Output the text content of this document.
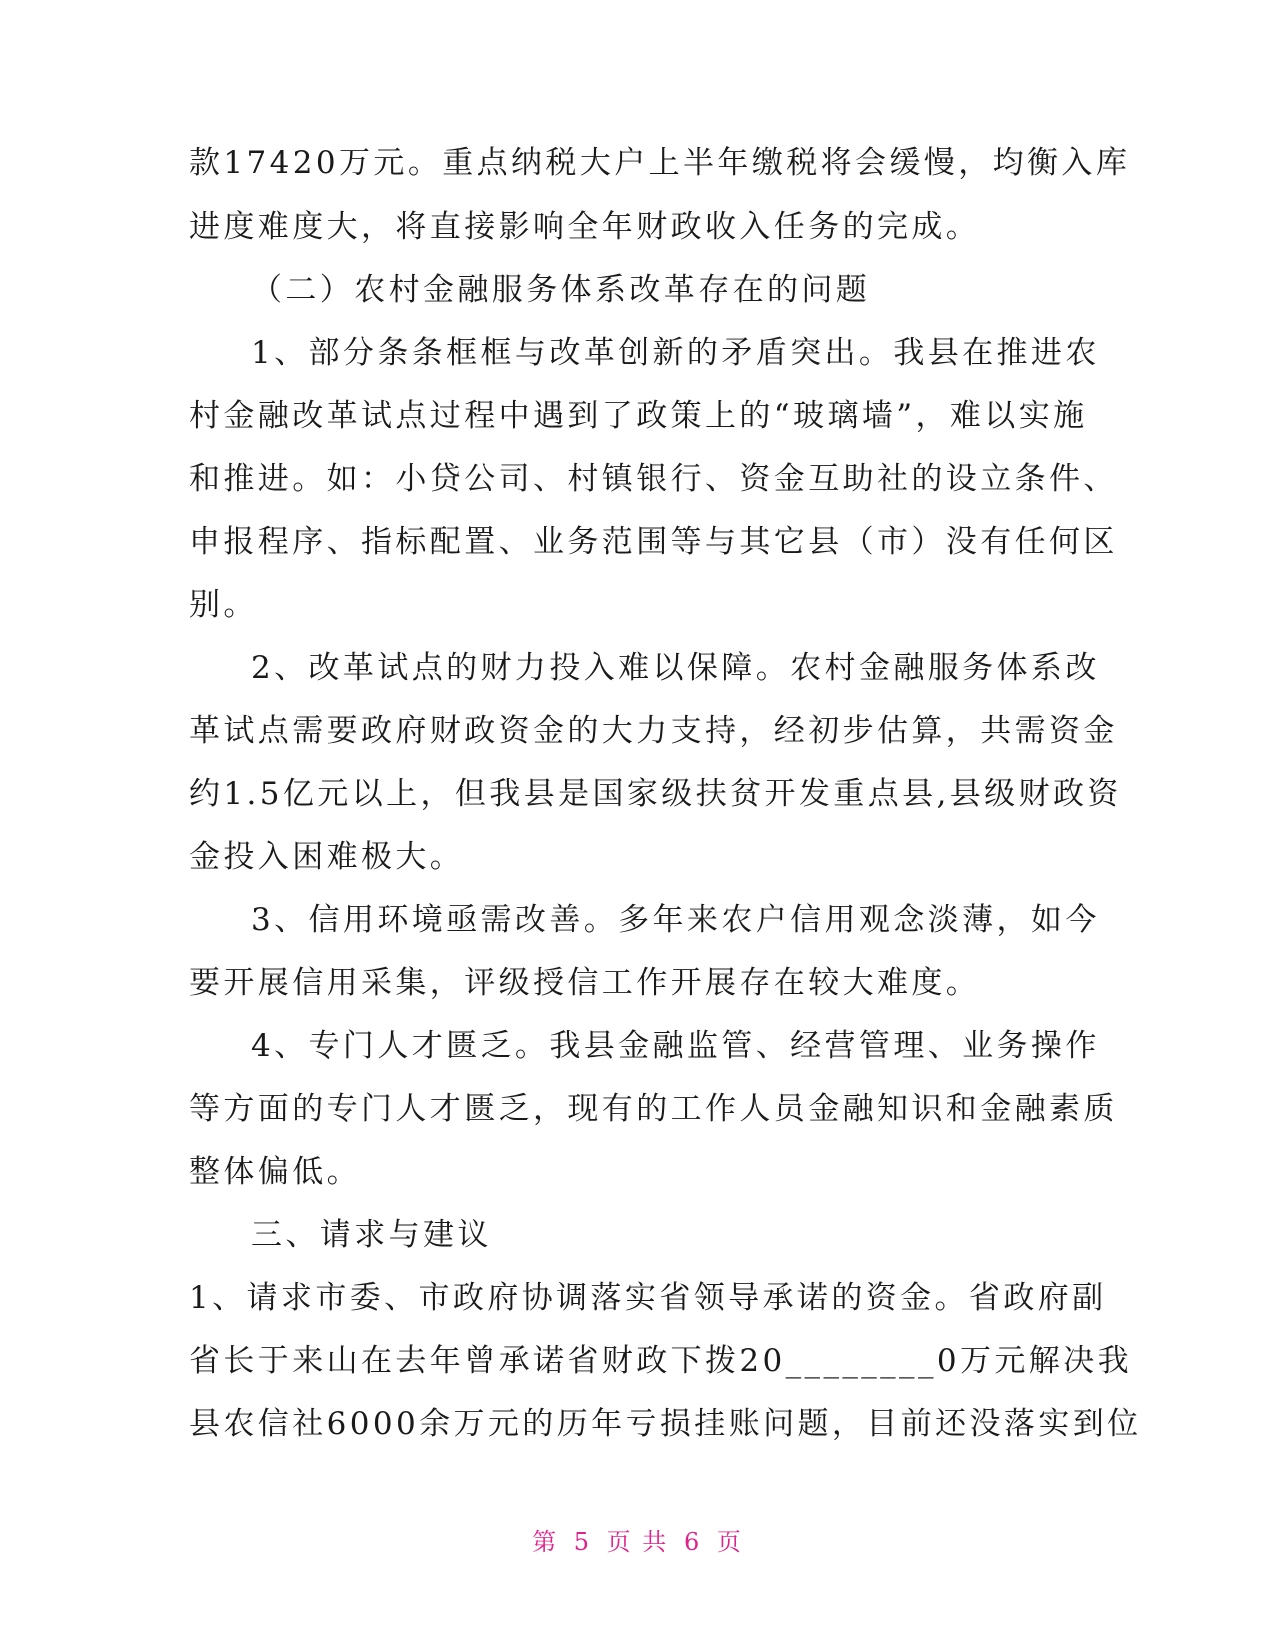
款17420万元。重点纳税大户上半年缴税将会缓慢，均衡入库
进度难度大，将直接影响全年财政收入任务的完成。
（二）农村金融服务体系改革存在的问题
1、部分条条框框与改革创新的矛盾突出。我县在推进农
村金融改革试点过程中遇到了政策上的“玻璃墙”，难以实施
和推进。如：小贷公司、村镇银行、资金互助社的设立条件、
申报程序、指标配置、业务范围等与其它县（市）没有任何区
别。
2、改革试点的财力投入难以保障。农村金融服务体系改
革试点需要政府财政资金的大力支持，经初步估算，共需资金
约1.5亿元以上，但我县是国家级扶贫开发重点县,县级财政资
金投入困难极大。
3、信用环境亟需改善。多年来农户信用观念淡薄，如今
要开展信用采集，评级授信工作开展存在较大难度。
4、专门人才匮乏。我县金融监管、经营管理、业务操作
等方面的专门人才匮乏，现有的工作人员金融知识和金融素质
整体偏低。
三、请求与建议
1、请求市委、市政府协调落实省领导承诺的资金。省政府副
省长于来山在去年曾承诺省财政下拨20________0万元解决我
县农信社6000余万元的历年亏损挂账问题，目前还没落实到位
第 5 页 共 6 页
